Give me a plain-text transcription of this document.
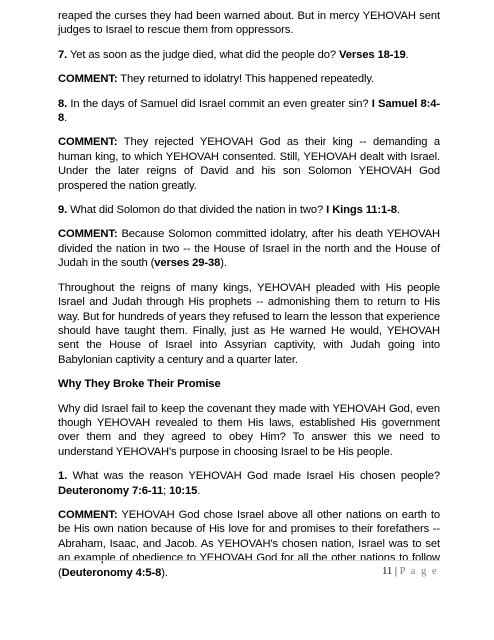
reaped the curses they had been warned about. But in mercy YEHOVAH sent judges to Israel to rescue them from oppressors.

7. Yet as soon as the judge died, what did the people do? Verses 18-19.

COMMENT: They returned to idolatry! This happened repeatedly.

8. In the days of Samuel did Israel commit an even greater sin? I Samuel 8:4-8.

COMMENT: They rejected YEHOVAH God as their king -- demanding a human king, to which YEHOVAH consented. Still, YEHOVAH dealt with Israel. Under the later reigns of David and his son Solomon YEHOVAH God prospered the nation greatly.

9. What did Solomon do that divided the nation in two? I Kings 11:1-8.

COMMENT: Because Solomon committed idolatry, after his death YEHOVAH divided the nation in two -- the House of Israel in the north and the House of Judah in the south (verses 29-38).

Throughout the reigns of many kings, YEHOVAH pleaded with His people Israel and Judah through His prophets -- admonishing them to return to His way. But for hundreds of years they refused to learn the lesson that experience should have taught them. Finally, just as He warned He would, YEHOVAH sent the House of Israel into Assyrian captivity, with Judah going into Babylonian captivity a century and a quarter later.

Why They Broke Their Promise

Why did Israel fail to keep the covenant they made with YEHOVAH God, even though YEHOVAH revealed to them His laws, established His government over them and they agreed to obey Him? To answer this we need to understand YEHOVAH's purpose in choosing Israel to be His people.

1. What was the reason YEHOVAH God made Israel His chosen people? Deuteronomy 7:6-11; 10:15.

COMMENT: YEHOVAH God chose Israel above all other nations on earth to be His own nation because of His love for and promises to their forefathers -- Abraham, Isaac, and Jacob. As YEHOVAH's chosen nation, Israel was to set an example of obedience to YEHOVAH God for all the other nations to follow (Deuteronomy 4:5-8).	11 | P a g e
